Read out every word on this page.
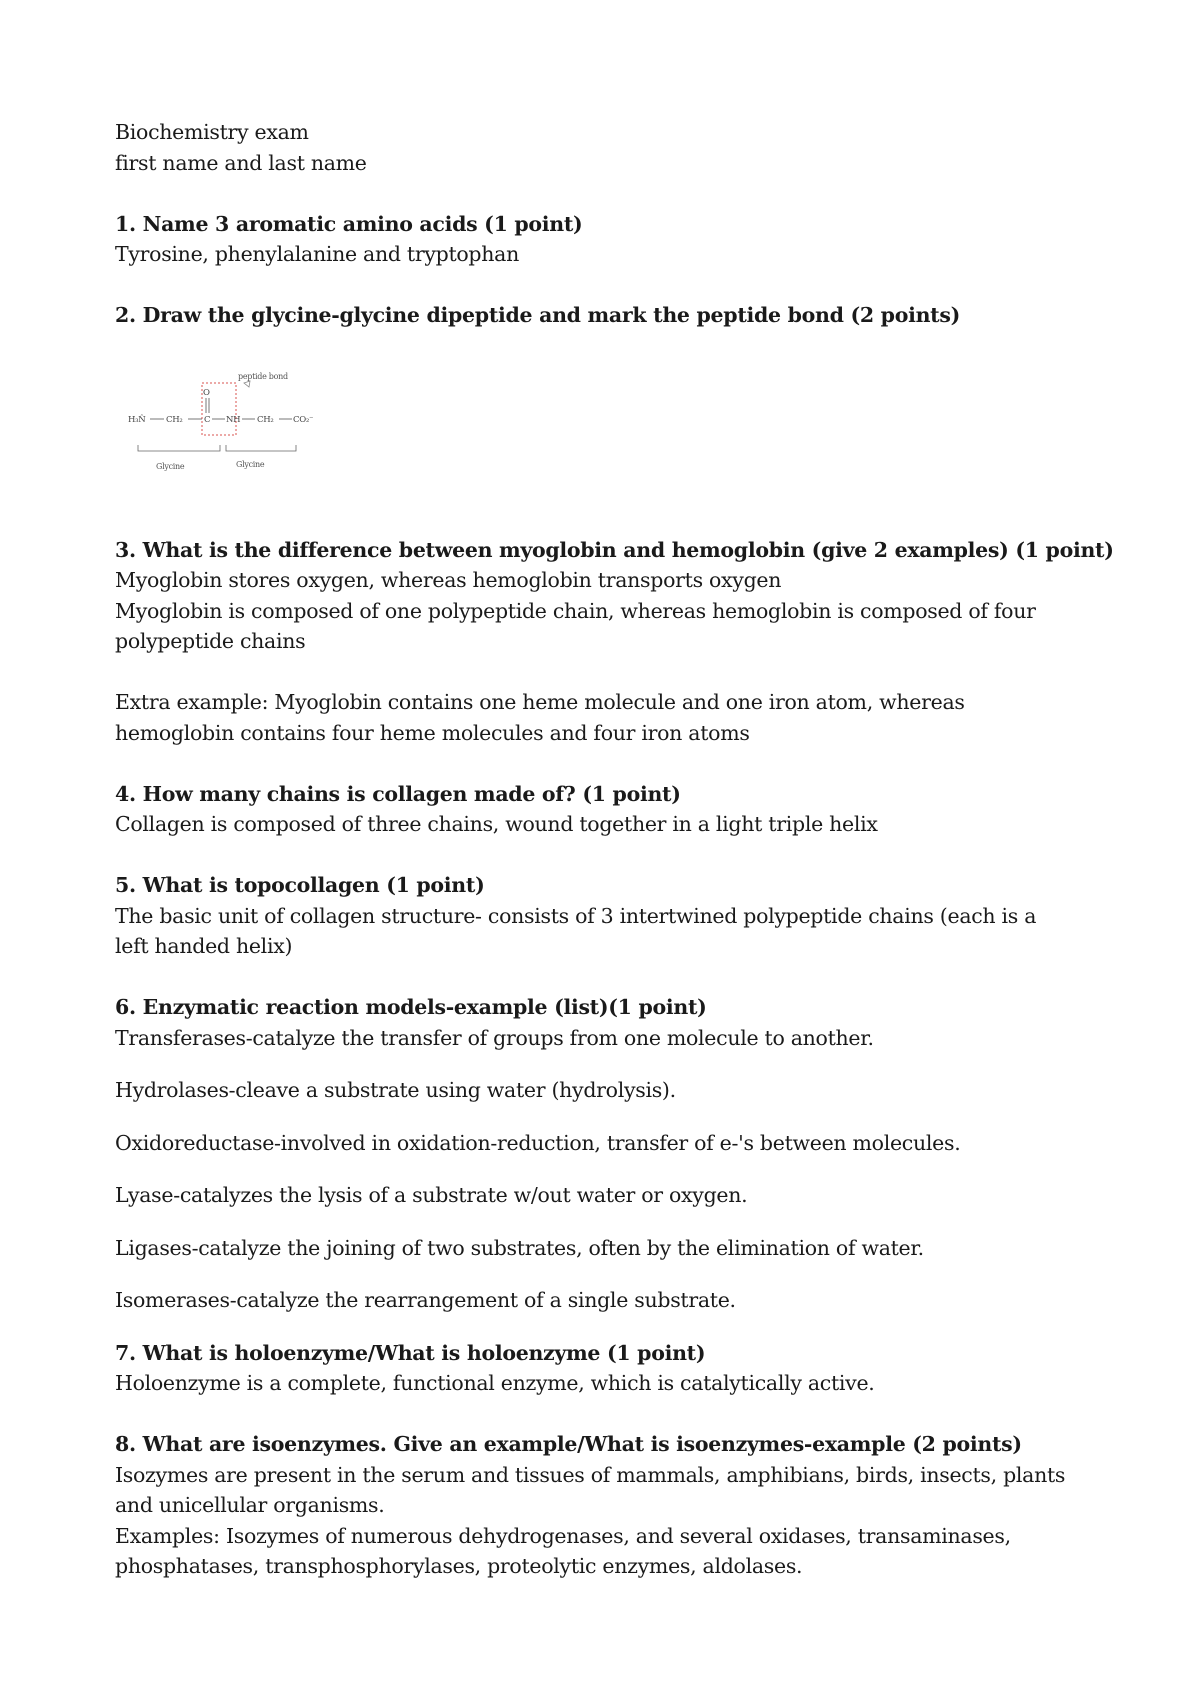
Biochemistry exam

first name and last name

1. Name 3 aromatic amino acids (1 point)

Tyrosine, phenylalanine and tryptophan

2. Draw the glycine-glycine dipeptide and mark the peptide bond (2 points)

peptide bond
O
H₃N̂ CH₂	C NH CH₂ CO₂⁻
Glycine	Glycine

3. What is the difference between myoglobin and hemoglobin (give 2 examples) (1 point)

Myoglobin stores oxygen, whereas hemoglobin transports oxygen

Myoglobin is composed of one polypeptide chain, whereas hemoglobin is composed of four polypeptide chains

Extra example: Myoglobin contains one heme molecule and one iron atom, whereas hemoglobin contains four heme molecules and four iron atoms

4. How many chains is collagen made of? (1 point)

Collagen is composed of three chains, wound together in a light triple helix

5. What is topocollagen (1 point)

The basic unit of collagen structure- consists of 3 intertwined polypeptide chains (each is a left handed helix)

6. Enzymatic reaction models-example (list)(1 point)

Transferases-catalyze the transfer of groups from one molecule to another.

Hydrolases-cleave a substrate using water (hydrolysis).

Oxidoreductase-involved in oxidation-reduction, transfer of e-'s between molecules.

Lyase-catalyzes the lysis of a substrate w/out water or oxygen.

Ligases-catalyze the joining of two substrates, often by the elimination of water.

Isomerases-catalyze the rearrangement of a single substrate.

7. What is holoenzyme/What is holoenzyme (1 point)

Holoenzyme is a complete, functional enzyme, which is catalytically active.

8. What are isoenzymes. Give an example/What is isoenzymes-example (2 points)

Isozymes are present in the serum and tissues of mammals, amphibians, birds, insects, plants and unicellular organisms.

Examples: Isozymes of numerous dehydrogenases, and several oxidases, transaminases, phosphatases, transphosphorylases, proteolytic enzymes, aldolases.
